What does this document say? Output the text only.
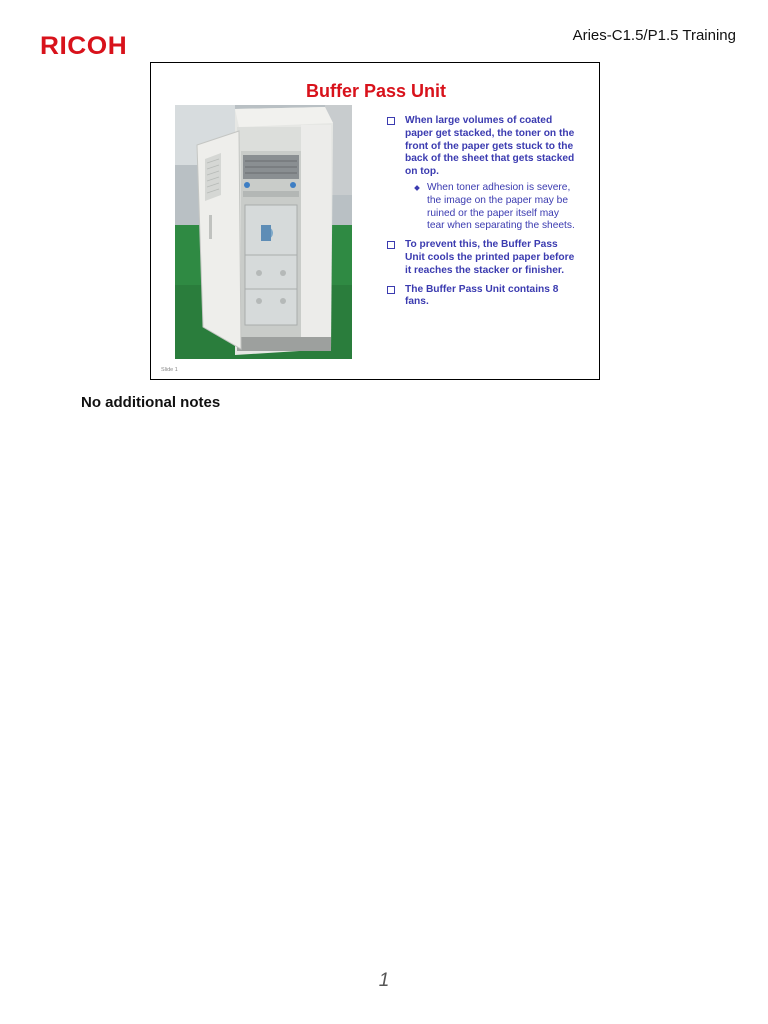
RICOH	Aries-C1.5/P1.5 Training
Buffer Pass Unit
When large volumes of coated paper get stacked, the toner on the front of the paper gets stuck to the back of the sheet that gets stacked on top.
When toner adhesion is severe, the image on the paper may be ruined or the paper itself may tear when separating the sheets.
To prevent this, the Buffer Pass Unit cools the printed paper before it reaches the stacker or finisher.
The Buffer Pass Unit contains 8 fans.
Slide 1
No additional notes
1
